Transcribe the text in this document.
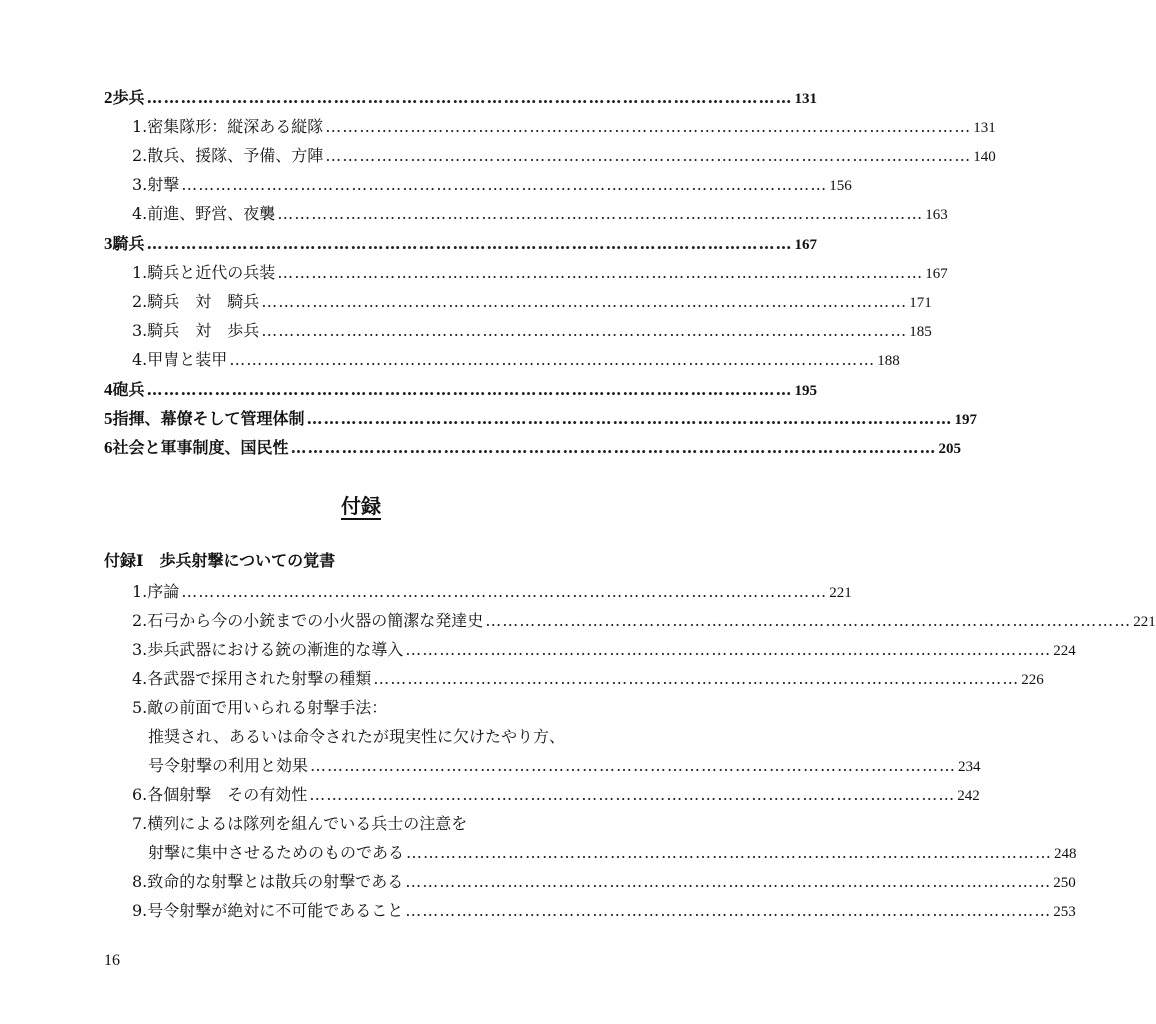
2 歩兵 …………………………………………………………………………………………………… 131
1. 密集隊形：縦深ある縦隊 …………………………………………………………………………………………………… 131
2. 散兵、援隊、予備、方陣 …………………………………………………………………………………………………… 140
3. 射撃 …………………………………………………………………………………………………… 156
4. 前進、野営、夜襲 …………………………………………………………………………………………………… 163
3 騎兵 …………………………………………………………………………………………………… 167
1. 騎兵と近代の兵装 …………………………………………………………………………………………………… 167
2. 騎兵　対　騎兵 …………………………………………………………………………………………………… 171
3. 騎兵　対　歩兵 …………………………………………………………………………………………………… 185
4. 甲冑と装甲 …………………………………………………………………………………………………… 188
4 砲兵 …………………………………………………………………………………………………… 195
5 指揮、幕僚そして管理体制 …………………………………………………………………………………………………… 197
6 社会と軍事制度、国民性 …………………………………………………………………………………………………… 205
付録
付録Ⅰ　歩兵射撃についての覚書
1. 序論 …………………………………………………………………………………………………… 221
2. 石弓から今の小銃までの小火器の簡潔な発達史 …………………………………………………………………………………………………… 221
3. 歩兵武器における銃の漸進的な導入 …………………………………………………………………………………………………… 224
4. 各武器で採用された射撃の種類 …………………………………………………………………………………………………… 226
5.敵の前面で用いられる射撃手法：
推奨され、あるいは命令されたが現実性に欠けたやり方、
号令射撃の利用と効果 …………………………………………………………………………………………………… 234
6. 各個射撃　その有効性 …………………………………………………………………………………………………… 242
7.横列によるは隊列を組んでいる兵士の注意を
射撃に集中させるためのものである …………………………………………………………………………………………………… 248
8. 致命的な射撃とは散兵の射撃である …………………………………………………………………………………………………… 250
9. 号令射撃が絶対に不可能であること …………………………………………………………………………………………………… 253
16
